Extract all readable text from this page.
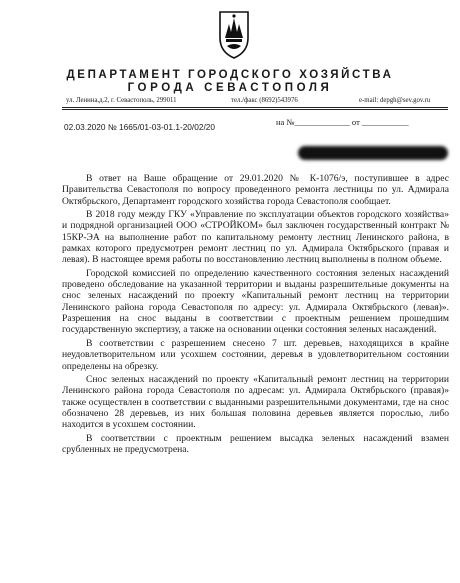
ДЕПАРТАМЕНТ ГОРОДСКОГО ХОЗЯЙСТВА
ГОРОДА СЕВАСТОПОЛЯ
ул. Ленина,д.2, г. Севастополь, 299011	тел./факс (8692)543976	e-mail: depgh@sev.gov.ru
02.03.2020 № 1665/01-03-01.1-20/02/20	на №_____________ от ___________

В ответ на Ваше обращение от 29.01.2020 № К-1076/э, поступившее в адрес Правительства Севастополя по вопросу проведенного ремонта лестницы по ул. Адмирала Октябрьского, Департамент городского хозяйства города Севастополя сообщает.

В 2018 году между ГКУ «Управление по эксплуатации объектов городского хозяйства» и подрядной организацией ООО «СТРОЙКОМ» был заключен государственный контракт № 15КР-ЭА на выполнение работ по капитальному ремонту лестниц Ленинского района, в рамках которого предусмотрен ремонт лестниц по ул. Адмирала Октябрьского (правая и левая). В настоящее время работы по восстановлению лестниц выполнены в полном объеме.

Городской комиссией по определению качественного состояния зеленых насаждений проведено обследование на указанной территории и выданы разрешительные документы на снос зеленых насаждений по проекту «Капитальный ремонт лестниц на территории Ленинского района города Севастополя по адресу: ул. Адмирала Октябрьского (левая)». Разрешения на снос выданы в соответствии с проектным решением прошедшим государственную экспертизу, а также на основании оценки состояния зеленых насаждений.

В соответствии с разрешением снесено 7 шт. деревьев, находящихся в крайне неудовлетворительном или усохшем состоянии, деревья в удовлетворительном состоянии определены на обрезку.

Снос зеленых насаждений по проекту «Капитальный ремонт лестниц на территории Ленинского района города Севастополя по адресам: ул. Адмирала Октябрьского (правая)» также осуществлен в соответствии с выданными разрешительными документами, где на снос обозначено 28 деревьев, из них большая половина деревьев является порослью, либо находится в усохшем состоянии.

В соответствии с проектным решением высадка зеленых насаждений взамен срубленных не предусмотрена.
